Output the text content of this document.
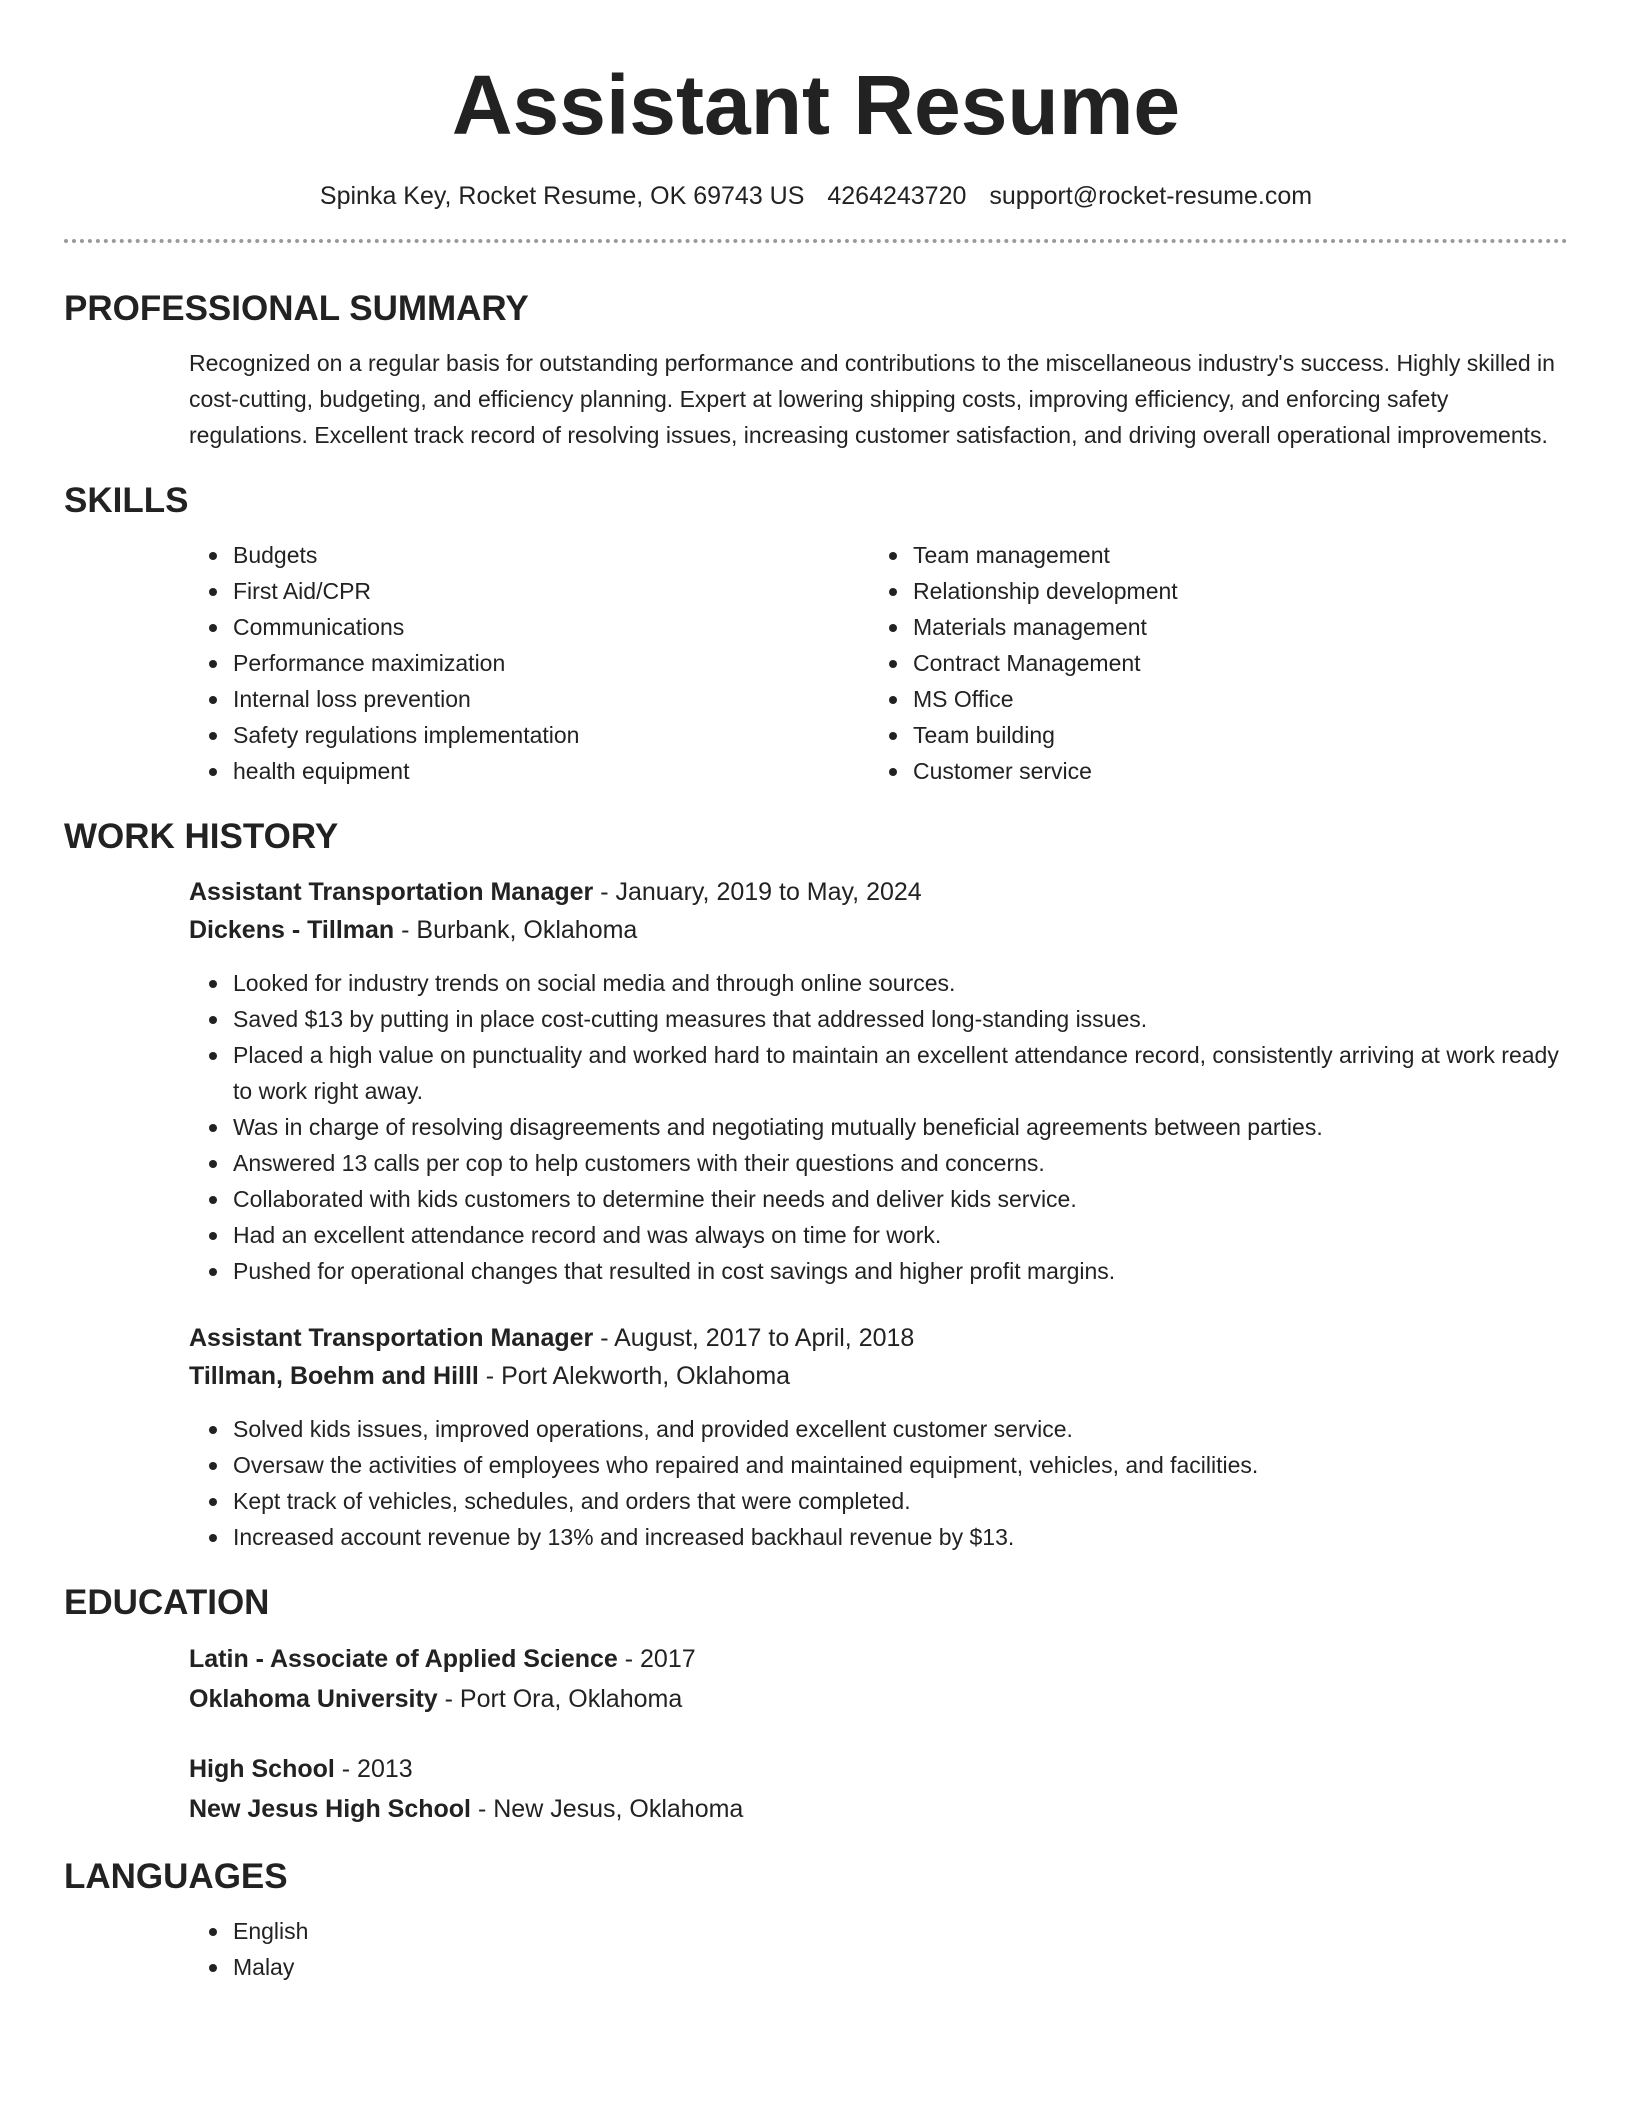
Assistant Resume
Spinka Key, Rocket Resume, OK 69743 US 4264243720 support@rocket-resume.com
PROFESSIONAL SUMMARY

Recognized on a regular basis for outstanding performance and contributions to the miscellaneous industry's success. Highly skilled in cost-cutting, budgeting, and efficiency planning. Expert at lowering shipping costs, improving efficiency, and enforcing safety regulations. Excellent track record of resolving issues, increasing customer satisfaction, and driving overall operational improvements.

SKILLS
Budgets
First Aid/CPR
Communications
Performance maximization
Internal loss prevention
Safety regulations implementation
health equipment
Team management
Relationship development
Materials management
Contract Management
MS Office
Team building
Customer service
WORK HISTORY
Assistant Transportation Manager - January, 2019 to May, 2024
Dickens - Tillman - Burbank, Oklahoma
Looked for industry trends on social media and through online sources.
Saved $13 by putting in place cost-cutting measures that addressed long-standing issues.
Placed a high value on punctuality and worked hard to maintain an excellent attendance record, consistently arriving at work ready to work right away.
Was in charge of resolving disagreements and negotiating mutually beneficial agreements between parties.
Answered 13 calls per cop to help customers with their questions and concerns.
Collaborated with kids customers to determine their needs and deliver kids service.
Had an excellent attendance record and was always on time for work.
Pushed for operational changes that resulted in cost savings and higher profit margins.
Assistant Transportation Manager - August, 2017 to April, 2018
Tillman, Boehm and Hilll - Port Alekworth, Oklahoma
Solved kids issues, improved operations, and provided excellent customer service.
Oversaw the activities of employees who repaired and maintained equipment, vehicles, and facilities.
Kept track of vehicles, schedules, and orders that were completed.
Increased account revenue by 13% and increased backhaul revenue by $13.
EDUCATION
Latin - Associate of Applied Science - 2017
Oklahoma University - Port Ora, Oklahoma
High School - 2013
New Jesus High School - New Jesus, Oklahoma
LANGUAGES
English
Malay
